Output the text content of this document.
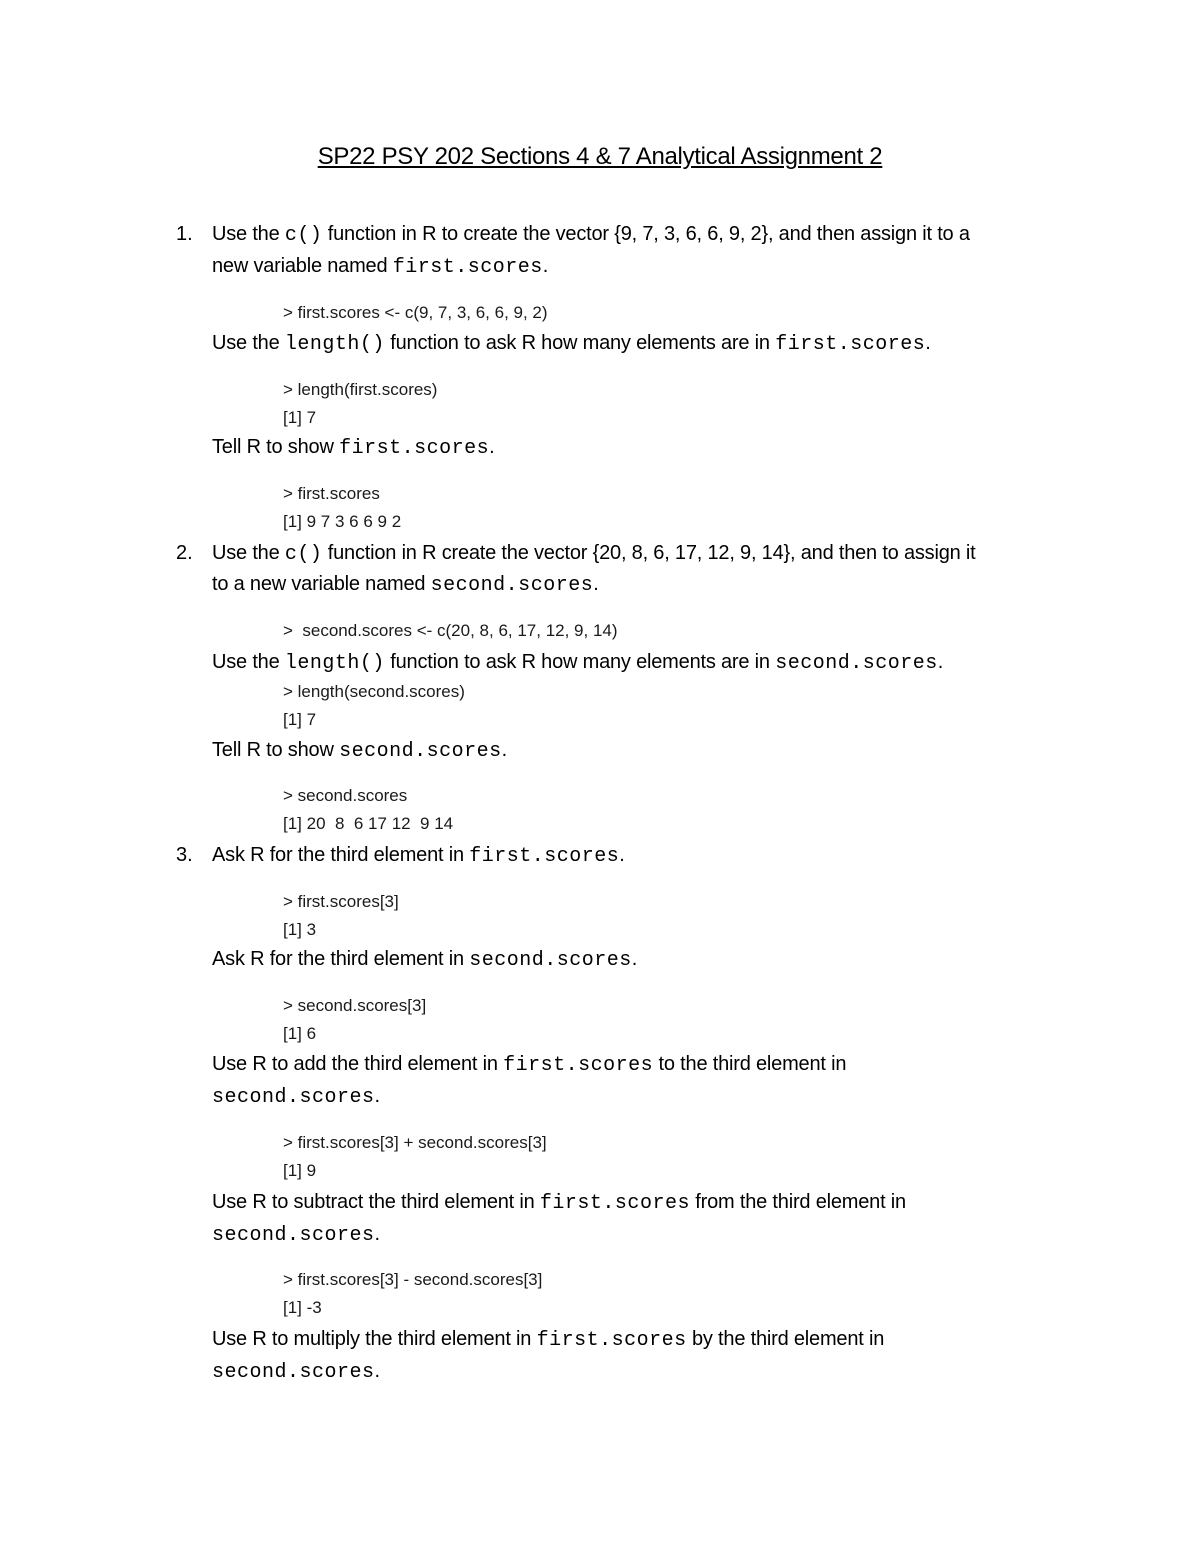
SP22 PSY 202 Sections 4 & 7 Analytical Assignment 2
1. Use the c() function in R to create the vector {9, 7, 3, 6, 6, 9, 2}, and then assign it to a
new variable named first.scores.
> first.scores <- c(9, 7, 3, 6, 6, 9, 2)
Use the length() function to ask R how many elements are in first.scores.
> length(first.scores)
[1] 7
Tell R to show first.scores.
> first.scores
[1] 9 7 3 6 6 9 2
2. Use the c() function in R create the vector {20, 8, 6, 17, 12, 9, 14}, and then to assign it
to a new variable named second.scores.
>  second.scores <- c(20, 8, 6, 17, 12, 9, 14)
Use the length() function to ask R how many elements are in second.scores.
> length(second.scores)
[1] 7
Tell R to show second.scores.
> second.scores
[1] 20  8  6 17 12  9 14
3. Ask R for the third element in first.scores.
> first.scores[3]
[1] 3
Ask R for the third element in second.scores.
> second.scores[3]
[1] 6
Use R to add the third element in first.scores to the third element in
second.scores.
> first.scores[3] + second.scores[3]
[1] 9
Use R to subtract the third element in first.scores from the third element in
second.scores.
> first.scores[3] - second.scores[3]
[1] -3
Use R to multiply the third element in first.scores by the third element in
second.scores.
